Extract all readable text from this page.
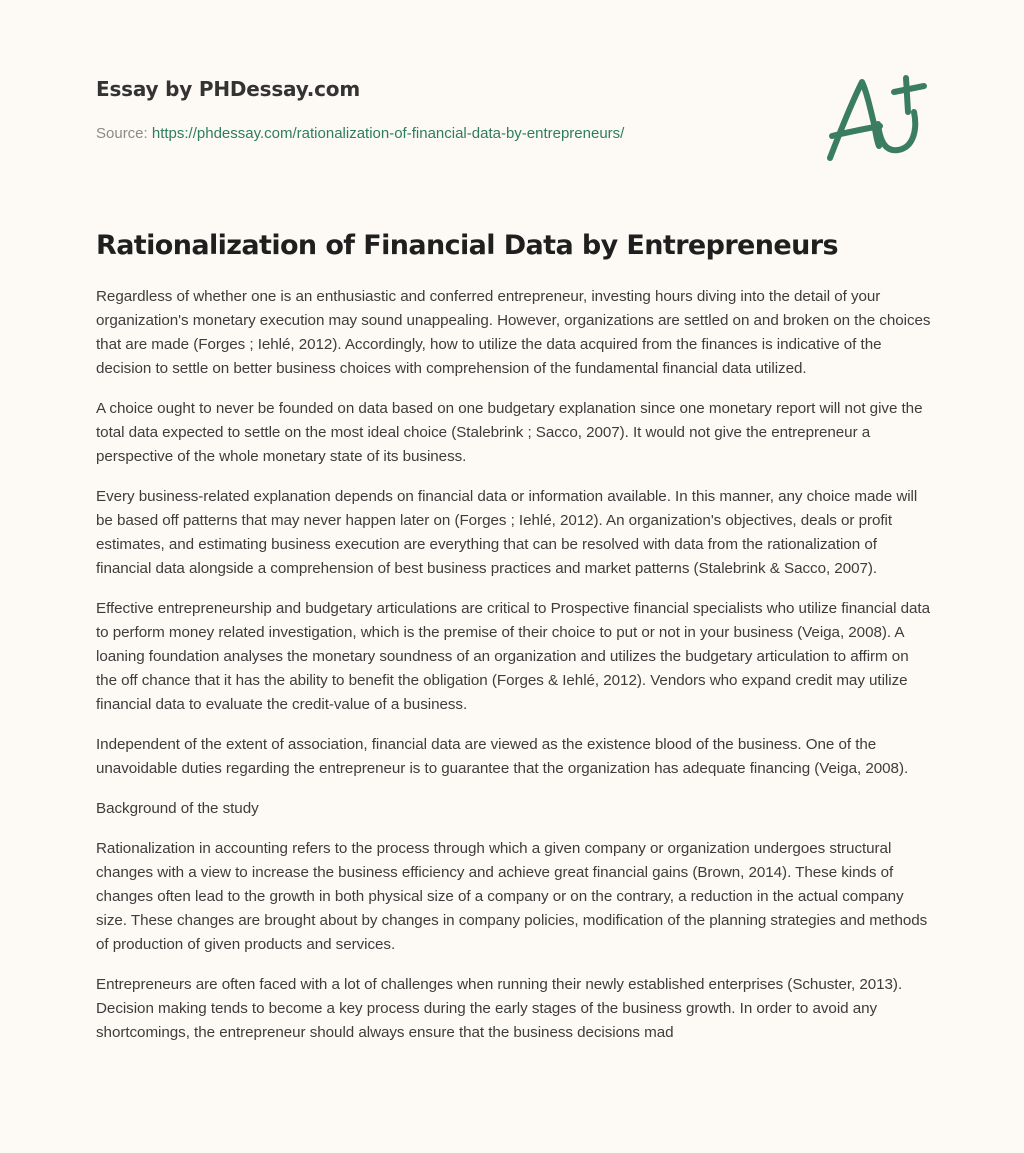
Essay by PHDessay.com
Source: https://phdessay.com/rationalization-of-financial-data-by-entrepreneurs/
Rationalization of Financial Data by Entrepreneurs

Regardless of whether one is an enthusiastic and conferred entrepreneur, investing hours diving into the detail of your organization's monetary execution may sound unappealing. However, organizations are settled on and broken on the choices that are made (Forges ; Iehlé, 2012). Accordingly, how to utilize the data acquired from the finances is indicative of the decision to settle on better business choices with comprehension of the fundamental financial data utilized.

A choice ought to never be founded on data based on one budgetary explanation since one monetary report will not give the total data expected to settle on the most ideal choice (Stalebrink ; Sacco, 2007). It would not give the entrepreneur a perspective of the whole monetary state of its business.

Every business-related explanation depends on financial data or information available. In this manner, any choice made will be based off patterns that may never happen later on (Forges ; Iehlé, 2012). An organization's objectives, deals or profit estimates, and estimating business execution are everything that can be resolved with data from the rationalization of financial data alongside a comprehension of best business practices and market patterns (Stalebrink & Sacco, 2007).

Effective entrepreneurship and budgetary articulations are critical to Prospective financial specialists who utilize financial data to perform money related investigation, which is the premise of their choice to put or not in your business (Veiga, 2008). A loaning foundation analyses the monetary soundness of an organization and utilizes the budgetary articulation to affirm on the off chance that it has the ability to benefit the obligation (Forges & Iehlé, 2012). Vendors who expand credit may utilize financial data to evaluate the credit-value of a business.

Independent of the extent of association, financial data are viewed as the existence blood of the business. One of the unavoidable duties regarding the entrepreneur is to guarantee that the organization has adequate financing (Veiga, 2008).

Background of the study

Rationalization in accounting refers to the process through which a given company or organization undergoes structural changes with a view to increase the business efficiency and achieve great financial gains (Brown, 2014). These kinds of changes often lead to the growth in both physical size of a company or on the contrary, a reduction in the actual company size. These changes are brought about by changes in company policies, modification of the planning strategies and methods of production of given products and services.

Entrepreneurs are often faced with a lot of challenges when running their newly established enterprises (Schuster, 2013). Decision making tends to become a key process during the early stages of the business growth. In order to avoid any shortcomings, the entrepreneur should always ensure that the business decisions mad
